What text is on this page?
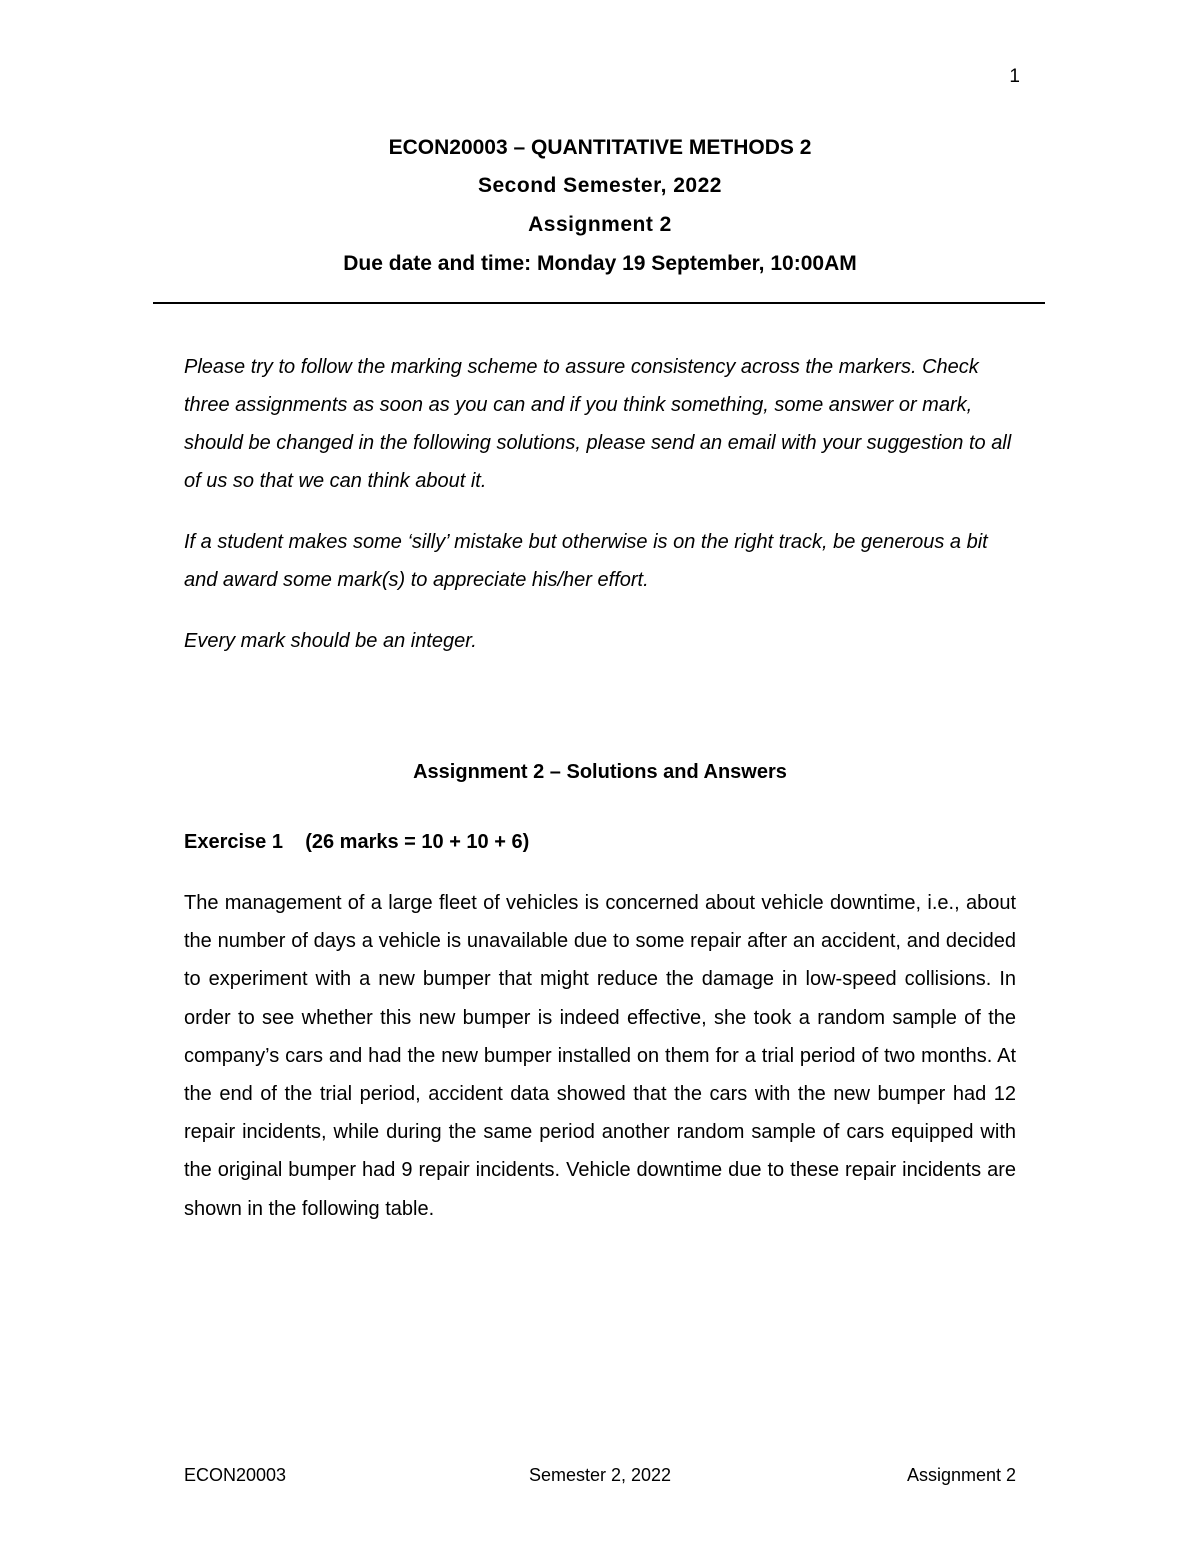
1
ECON20003 – QUANTITATIVE METHODS 2
Second Semester, 2022
Assignment 2
Due date and time: Monday 19 September, 10:00AM

Please try to follow the marking scheme to assure consistency across the markers. Check three assignments as soon as you can and if you think something, some answer or mark, should be changed in the following solutions, please send an email with your suggestion to all of us so that we can think about it.

If a student makes some ‘silly’ mistake but otherwise is on the right track, be generous a bit and award some mark(s) to appreciate his/her effort.

Every mark should be an integer.

Assignment 2 – Solutions and Answers
Exercise 1    (26 marks = 10 + 10 + 6)

The management of a large fleet of vehicles is concerned about vehicle downtime, i.e., about the number of days a vehicle is unavailable due to some repair after an accident, and decided to experiment with a new bumper that might reduce the damage in low-speed collisions. In order to see whether this new bumper is indeed effective, she took a random sample of the company’s cars and had the new bumper installed on them for a trial period of two months. At the end of the trial period, accident data showed that the cars with the new bumper had 12 repair incidents, while during the same period another random sample of cars equipped with the original bumper had 9 repair incidents. Vehicle downtime due to these repair incidents are shown in the following table.

ECON20003	Semester 2, 2022	Assignment 2
